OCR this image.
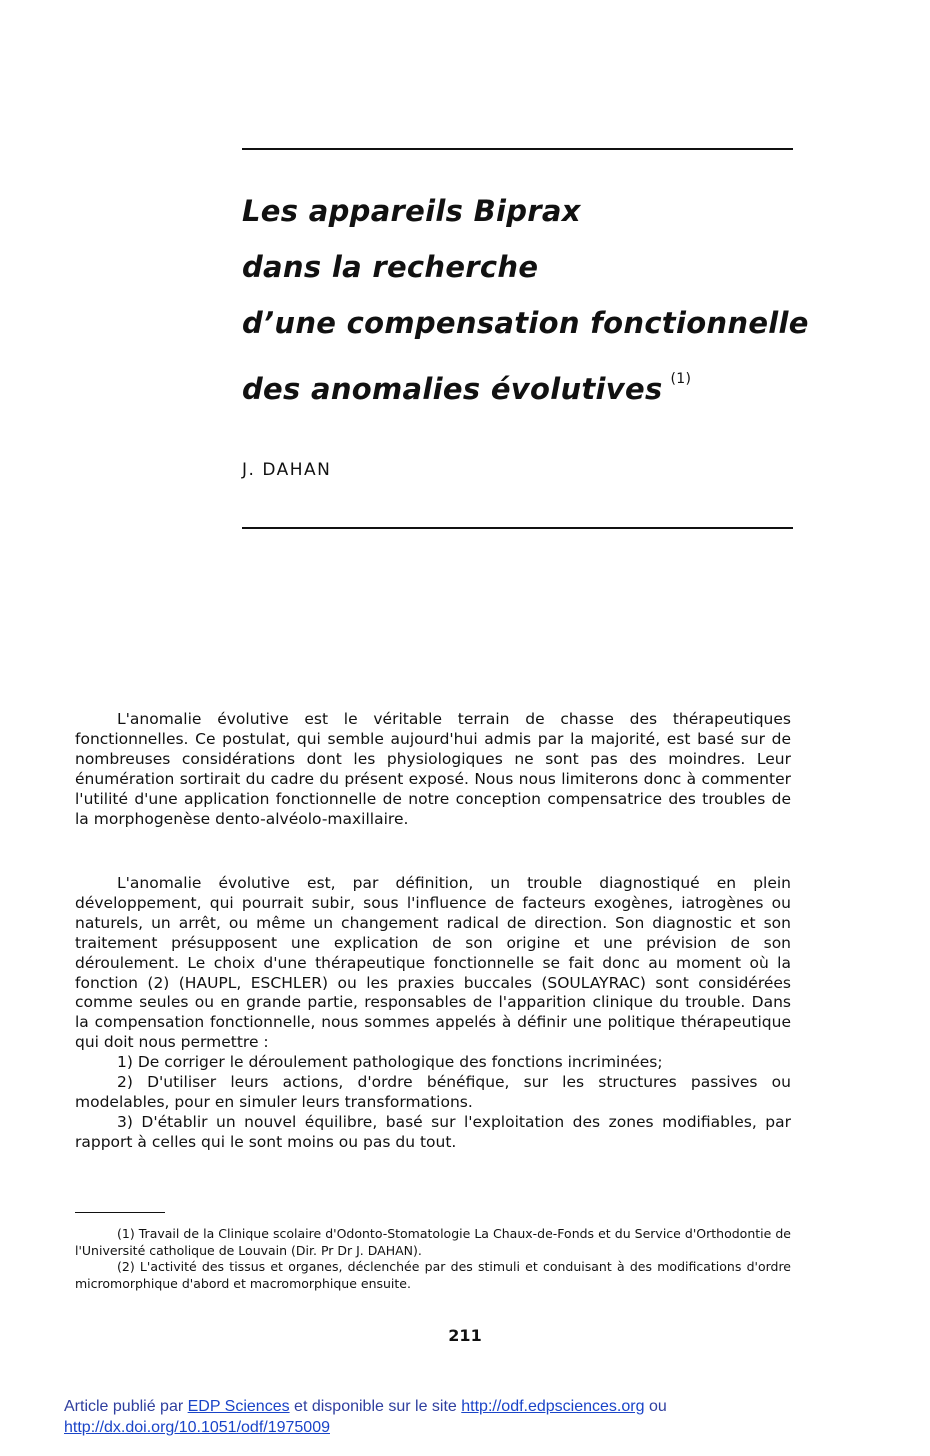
Les appareils Biprax
dans la recherche
d’une compensation fonctionnelle
des anomalies évolutives $^{(1)}$

J. DAHAN

L'anomalie évolutive est le véritable terrain de chasse des thérapeutiques fonctionnelles. Ce postulat, qui semble aujourd'hui admis par la majorité, est basé sur de nombreuses considérations dont les physiologiques ne sont pas des moindres. Leur énumération sortirait du cadre du présent exposé. Nous nous limiterons donc à commenter l'utilité d'une application fonctionnelle de notre conception compensatrice des troubles de la morphogenèse dento-alvéolo-maxillaire.

L'anomalie évolutive est, par définition, un trouble diagnostiqué en plein développement, qui pourrait subir, sous l'influence de facteurs exogènes, iatrogènes ou naturels, un arrêt, ou même un changement radical de direction. Son diagnostic et son traitement présupposent une explication de son origine et une prévision de son déroulement. Le choix d'une thérapeutique fonctionnelle se fait donc au moment où la fonction (2) (HAUPL, ESCHLER) ou les praxies buccales (SOULAYRAC) sont considérées comme seules ou en grande partie, responsables de l'apparition clinique du trouble. Dans la compensation fonctionnelle, nous sommes appelés à définir une politique thérapeutique qui doit nous permettre :

1) De corriger le déroulement pathologique des fonctions incriminées;

2) D'utiliser leurs actions, d'ordre bénéfique, sur les structures passives ou modelables, pour en simuler leurs transformations.

3) D'établir un nouvel équilibre, basé sur l'exploitation des zones modifiables, par rapport à celles qui le sont moins ou pas du tout.

(1) Travail de la Clinique scolaire d'Odonto-Stomatologie La Chaux-de-Fonds et du Service d'Orthodontie de l'Université catholique de Louvain (Dir. Pr Dr J. DAHAN).

(2) L'activité des tissus et organes, déclenchée par des stimuli et conduisant à des modifications d'ordre micromorphique d'abord et macromorphique ensuite.

211

Article publié par EDP Sciences et disponible sur le site http://odf.edpsciences.org ou
http://dx.doi.org/10.1051/odf/1975009
